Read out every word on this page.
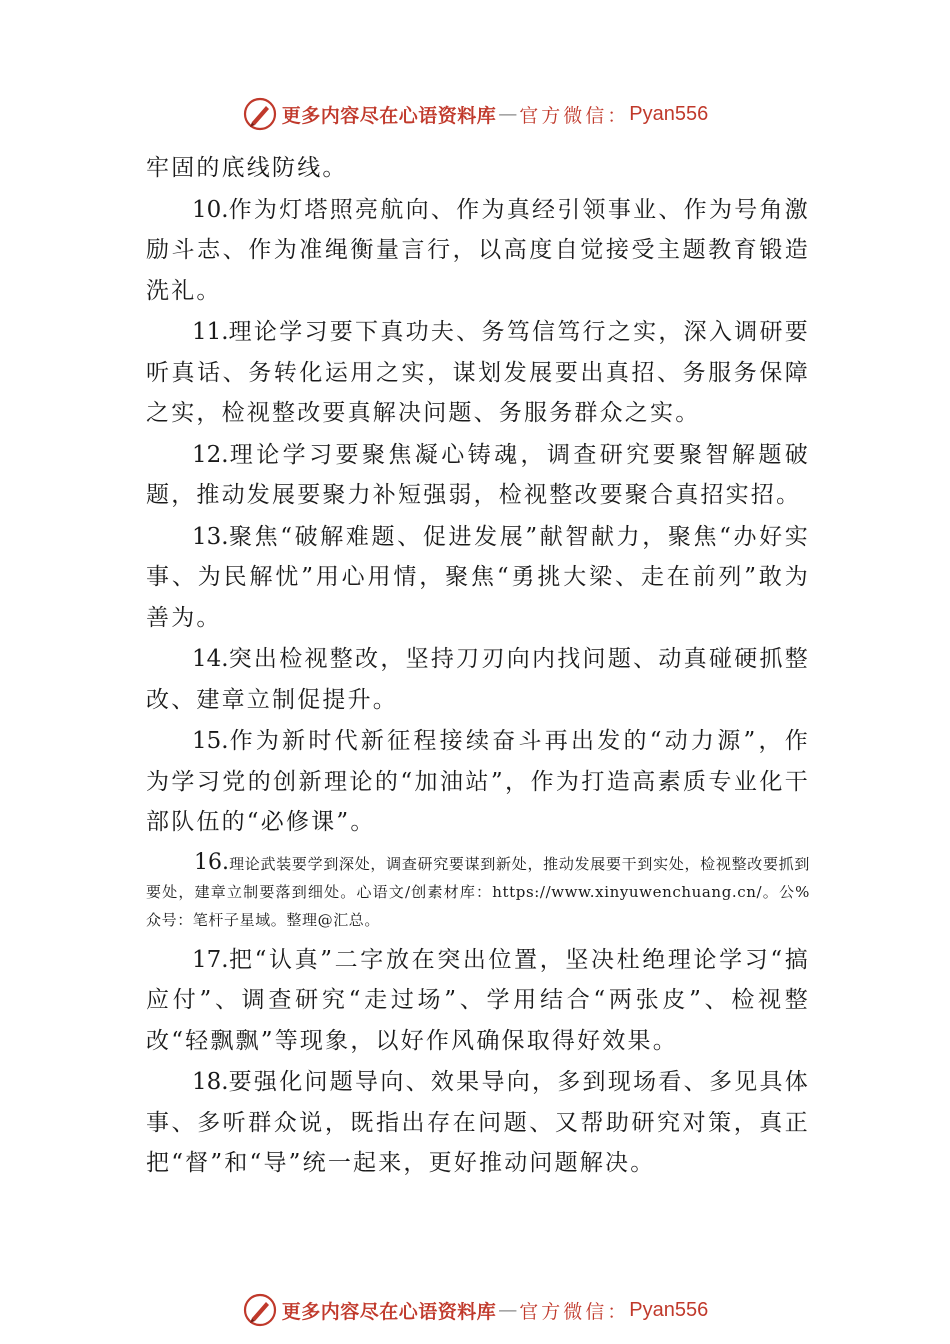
更多内容尽在心语资料库 — 官方微信： Pyan556

牢固的底线防线。

10.作为灯塔照亮航向、作为真经引领事业、作为号角激励斗志、作为准绳衡量言行，以高度自觉接受主题教育锻造洗礼。

11.理论学习要下真功夫、务笃信笃行之实，深入调研要听真话、务转化运用之实，谋划发展要出真招、务服务保障之实，检视整改要真解决问题、务服务群众之实。

12.理论学习要聚焦凝心铸魂，调查研究要聚智解题破题，推动发展要聚力补短强弱，检视整改要聚合真招实招。

13.聚焦“破解难题、促进发展”献智献力，聚焦“办好实事、为民解忧”用心用情，聚焦“勇挑大梁、走在前列”敢为善为。

14.突出检视整改，坚持刀刃向内找问题、动真碰硬抓整改、建章立制促提升。

15.作为新时代新征程接续奋斗再出发的“动力源”，作为学习党的创新理论的“加油站”，作为打造高素质专业化干部队伍的“必修课”。

16.理论武装要学到深处，调查研究要谋到新处，推动发展要干到实处，检视整改要抓到要处，建章立制要落到细处。心语文/创素材库：https://www.xinyuwenchuang.cn/。公%众号：笔杆子星域。整理@汇总。

17.把“认真”二字放在突出位置，坚决杜绝理论学习“搞应付”、调查研究“走过场”、学用结合“两张皮”、检视整改“轻飘飘”等现象，以好作风确保取得好效果。

18.要强化问题导向、效果导向，多到现场看、多见具体事、多听群众说，既指出存在问题、又帮助研究对策，真正把“督”和“导”统一起来，更好推动问题解决。

更多内容尽在心语资料库 — 官方微信： Pyan556
